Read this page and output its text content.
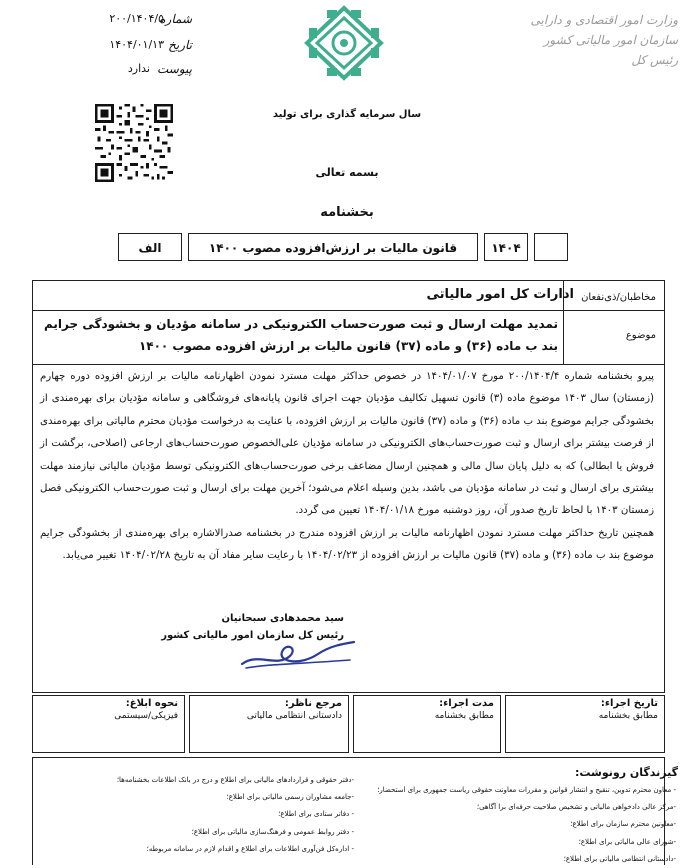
شماره
۲۰۰/۱۴۰۴/۵
تاریخ
۱۴۰۴/۰۱/۱۳
پیوست
ندارد
وزارت امور اقتصادی و دارایی
سازمان امور مالیاتی کشور
رئیس کل
سال سرمایه گذاری برای تولید
بسمه تعالی
بخشنامه
الف	قانون مالیات بر ارزش‌افزوده مصوب ۱۴۰۰	۱۴۰۴
مخاطبان/ذی‌نفعان
ادارات کل امور مالیاتی
موضوع
تمدید مهلت ارسال و ثبت صورت‌حساب الکترونیکی در سامانه مؤدیان و بخشودگی جرایم بند ب ماده (۳۶) و ماده (۳۷) قانون مالیات بر ارزش افزوده مصوب ۱۴۰۰

پیرو بخشنامه شماره ۲۰۰/۱۴۰۴/۴ مورخ ۱۴۰۴/۰۱/۰۷ در خصوص حداکثر مهلت مسترد نمودن اظهارنامه مالیات بر ارزش افزوده دوره چهارم (زمستان) سال ۱۴۰۳ موضوع ماده (۳) قانون تسهیل تکالیف مؤدیان جهت اجرای قانون پایانه‌های فروشگاهی و سامانه مؤدیان برای بهره‌مندی از بخشودگی جرایم موضوع بند ب ماده (۳۶) و ماده (۳۷) قانون مالیات بر ارزش افزوده، با عنایت به درخواست مؤدیان محترم مالیاتی برای بهره‌مندی از فرصت بیشتر برای ارسال و ثبت صورت‌حساب‌های الکترونیکی در سامانه مؤدیان علی‌الخصوص صورت‌حساب‌های ارجاعی (اصلاحی، برگشت از فروش یا ابطالی) که به دلیل پایان سال مالی و همچنین ارسال مضاعف برخی صورت‌حساب‌های الکترونیکی توسط مؤدیان مالیاتی نیازمند مهلت بیشتری برای ارسال و ثبت در سامانه مؤدیان می باشد، بدین وسیله اعلام می‌شود؛ آخرین مهلت برای ارسال و ثبت صورت‌حساب الکترونیکی فصل زمستان ۱۴۰۳ با لحاظ تاریخ صدور آن، روز دوشنبه مورخ ۱۴۰۴/۰۱/۱۸ تعیین می گردد.

همچنین تاریخ حداکثر مهلت مسترد نمودن اظهارنامه مالیات بر ارزش افزوده مندرج در بخشنامه صدرالاشاره برای بهره‌مندی از بخشودگی جرایم موضوع بند ب ماده (۳۶) و ماده (۳۷) قانون مالیات بر ارزش افزوده از ۱۴۰۴/۰۲/۲۳ با رعایت سایر مفاد آن به تاریخ ۱۴۰۴/۰۲/۲۸ تغییر می‌یابد.

سید محمدهادی سبحانیان
رئیس کل سازمان امور مالیاتی کشور
تاریخ اجراء:
مطابق بخشنامه
مدت اجراء:
مطابق بخشنامه
مرجع ناظر:
دادستانی انتظامی مالیاتی
نحوه ابلاغ:
فیزیکی/سیستمی
گیرندگان رونوشت:
- معاون محترم تدوین، تنقیح و انتشار قوانین و مقررات معاونت حقوقی ریاست جمهوری برای استحضار؛
-مرکز عالی دادخواهی مالیاتی و تشخیص صلاحیت حرفه‌ای برا آگاهی؛
-معاونین محترم سازمان برای اطلاع؛
-شورای عالی مالیاتی برای اطلاع؛
-دادستانی انتظامی مالیاتی برای اطلاع؛
-دفتر حقوقی و قراردادهای مالیاتی برای اطلاع و درج در بانک اطلاعات بخشنامه‌ها؛
-جامعه مشاوران رسمی مالیاتی برای اطلاع؛
- دفاتر ستادی برای اطلاع؛
- دفتر روابط عمومی و فرهنگ‌سازی مالیاتی برای اطلاع؛
- اداره‌کل فن‌آوری اطلاعات برای اطلاع و اقدام لازم در سامانه مربوطه؛
